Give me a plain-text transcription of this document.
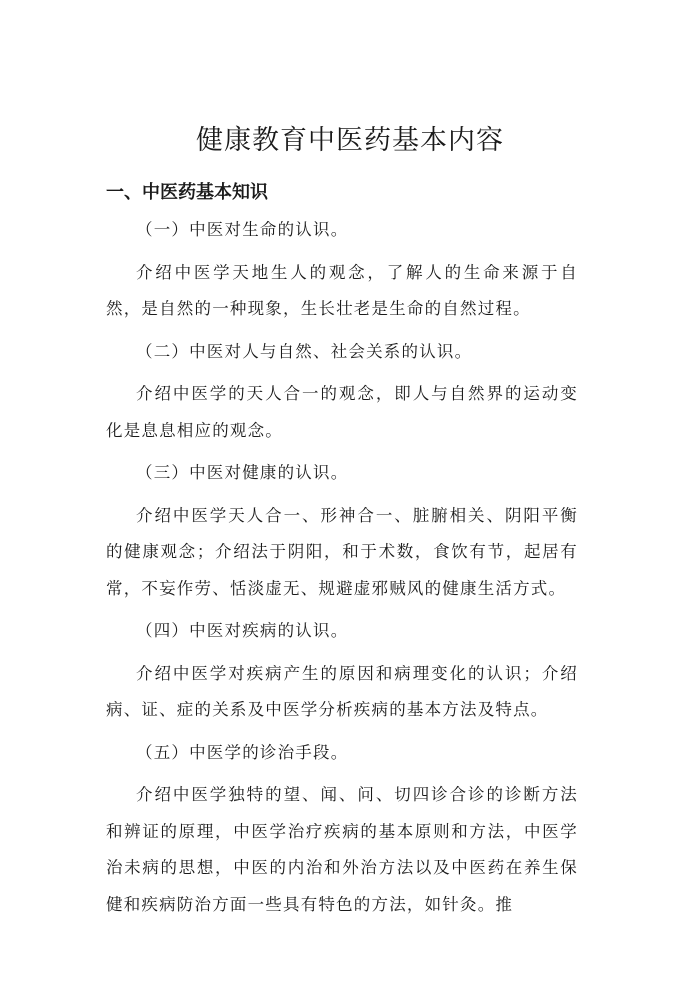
健康教育中医药基本内容
一、中医药基本知识

（一）中医对生命的认识。

介绍中医学天地生人的观念，了解人的生命来源于自然，是自然的一种现象，生长壮老是生命的自然过程。

（二）中医对人与自然、社会关系的认识。

介绍中医学的天人合一的观念，即人与自然界的运动变化是息息相应的观念。

（三）中医对健康的认识。

介绍中医学天人合一、形神合一、脏腑相关、阴阳平衡的健康观念；介绍法于阴阳，和于术数，食饮有节，起居有常，不妄作劳、恬淡虚无、规避虚邪贼风的健康生活方式。

（四）中医对疾病的认识。

介绍中医学对疾病产生的原因和病理变化的认识；介绍病、证、症的关系及中医学分析疾病的基本方法及特点。

（五）中医学的诊治手段。

介绍中医学独特的望、闻、问、切四诊合诊的诊断方法和辨证的原理，中医学治疗疾病的基本原则和方法，中医学治未病的思想，中医的内治和外治方法以及中医药在养生保健和疾病防治方面一些具有特色的方法，如针灸。推
